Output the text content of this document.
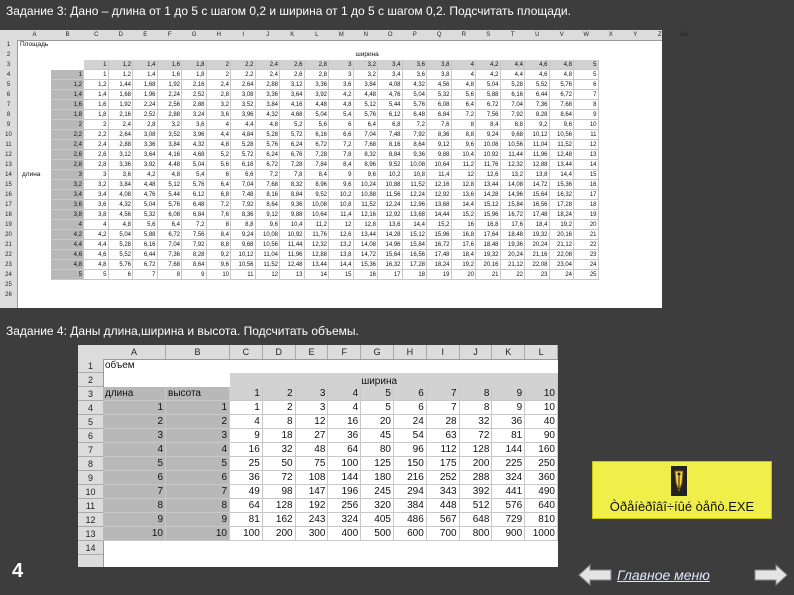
Задание 3: Дано – длина от 1 до 5 с шагом 0,2 и ширина от 1 до 5 с шагом 0,2. Подсчитать площади.
A	B	C	D	E	F	G	H	I	J	K	L	M	N	O	P	Q	R	S	T	U	V	W	X	Y	Z	AA
1
2
3
4
5
6
7
8
9
10
11
12
13
14
15
16
17
18
19
20
21
22
23
24
25
26
Площадь
ширина
длина
1	1,2	1,4	1,6	1,8	2	2,2	2,4	2,6	2,8	3	3,2	3,4	3,6	3,8	4	4,2	4,4	4,6	4,8	5
1	1	1,2	1,4	1,6	1,8	2	2,2	2,4	2,6	2,8	3	3,2	3,4	3,6	3,8	4	4,2	4,4	4,6	4,8	5
1,2	1,2	1,44	1,68	1,92	2,16	2,4	2,64	2,88	3,12	3,36	3,6	3,84	4,08	4,32	4,56	4,8	5,04	5,28	5,52	5,76	6
1,4	1,4	1,68	1,96	2,24	2,52	2,8	3,08	3,36	3,64	3,92	4,2	4,48	4,76	5,04	5,32	5,6	5,88	6,16	6,44	6,72	7
1,6	1,6	1,92	2,24	2,56	2,88	3,2	3,52	3,84	4,16	4,48	4,8	5,12	5,44	5,76	6,08	6,4	6,72	7,04	7,36	7,68	8
1,8	1,8	2,16	2,52	2,88	3,24	3,6	3,96	4,32	4,68	5,04	5,4	5,76	6,12	6,48	6,84	7,2	7,56	7,92	8,28	8,64	9
2	2	2,4	2,8	3,2	3,6	4	4,4	4,8	5,2	5,6	6	6,4	6,8	7,2	7,6	8	8,4	8,8	9,2	9,6	10
2,2	2,2	2,64	3,08	3,52	3,96	4,4	4,84	5,28	5,72	6,16	6,6	7,04	7,48	7,92	8,36	8,8	9,24	9,68	10,12	10,56	11
2,4	2,4	2,88	3,36	3,84	4,32	4,8	5,28	5,76	6,24	6,72	7,2	7,68	8,16	8,64	9,12	9,6	10,08	10,56	11,04	11,52	12
2,6	2,6	3,12	3,64	4,16	4,68	5,2	5,72	6,24	6,76	7,28	7,8	8,32	8,84	9,36	9,88	10,4	10,92	11,44	11,96	12,48	13
2,8	2,8	3,36	3,92	4,48	5,04	5,6	6,16	6,72	7,28	7,84	8,4	8,96	9,52	10,08	10,64	11,2	11,76	12,32	12,88	13,44	14
3	3	3,6	4,2	4,8	5,4	6	6,6	7,2	7,8	8,4	9	9,6	10,2	10,8	11,4	12	12,6	13,2	13,8	14,4	15
3,2	3,2	3,84	4,48	5,12	5,76	6,4	7,04	7,68	8,32	8,96	9,6	10,24	10,88	11,52	12,16	12,8	13,44	14,08	14,72	15,36	16
3,4	3,4	4,08	4,76	5,44	6,12	6,8	7,48	8,16	8,84	9,52	10,2	10,88	11,56	12,24	12,92	13,6	14,28	14,96	15,64	16,32	17
3,6	3,6	4,32	5,04	5,76	6,48	7,2	7,92	8,64	9,36	10,08	10,8	11,52	12,24	12,96	13,68	14,4	15,12	15,84	16,56	17,28	18
3,8	3,8	4,56	5,32	6,08	6,84	7,6	8,36	9,12	9,88	10,64	11,4	12,16	12,92	13,68	14,44	15,2	15,96	16,72	17,48	18,24	19
4	4	4,8	5,6	6,4	7,2	8	8,8	9,6	10,4	11,2	12	12,8	13,6	14,4	15,2	16	16,8	17,6	18,4	19,2	20
4,2	4,2	5,04	5,88	6,72	7,56	8,4	9,24	10,08	10,92	11,76	12,6	13,44	14,28	15,12	15,96	16,8	17,64	18,48	19,32	20,16	21
4,4	4,4	5,28	6,16	7,04	7,92	8,8	9,68	10,56	11,44	12,32	13,2	14,08	14,96	15,84	16,72	17,6	18,48	19,36	20,24	21,12	22
4,6	4,6	5,52	6,44	7,36	8,28	9,2	10,12	11,04	11,96	12,88	13,8	14,72	15,64	16,56	17,48	18,4	19,32	20,24	21,16	22,08	23
4,8	4,8	5,76	6,72	7,68	8,64	9,6	10,56	11,52	12,48	13,44	14,4	15,36	16,32	17,28	18,24	19,2	20,16	21,12	22,08	23,04	24
5	5	6	7	8	9	10	11	12	13	14	15	16	17	18	19	20	21	22	23	24	25
Задание 4: Даны длина,ширина и высота. Подсчитать объемы.
A	B	C	D	E	F	G	H	I	J	K	L
1
2
3
4
5
6
7
8
9
10
11
12
13
14
объем
ширина
длина	высота	1	2	3	4	5	6	7	8	9	10
1	1	1	2	3	4	5	6	7	8	9	10
2	2	4	8	12	16	20	24	28	32	36	40
3	3	9	18	27	36	45	54	63	72	81	90
4	4	16	32	48	64	80	96	112	128	144	160
5	5	25	50	75	100	125	150	175	200	225	250
6	6	36	72	108	144	180	216	252	288	324	360
7	7	49	98	147	196	245	294	343	392	441	490
8	8	64	128	192	256	320	384	448	512	576	640
9	9	81	162	243	324	405	486	567	648	729	810
10	10	100	200	300	400	500	600	700	800	900	1000
4
Òðåíèðîâî÷íûé òåñò.EXE
Главное меню
